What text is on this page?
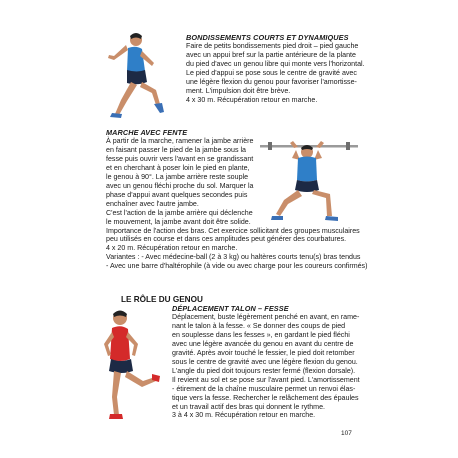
BONDISSEMENTS COURTS ET DYNAMIQUES
Faire de petits bondissements pied droit – pied gauche
avec un appui bref sur la partie antérieure de la plante
du pied d'avec un genou libre qui monte vers l'horizontal.
Le pied d'appui se pose sous le centre de gravité avec
une légère flexion du genou pour favoriser l'amortisse-
ment. L'impulsion doit être brève.
4 x 30 m. Récupération retour en marche.
MARCHE AVEC FENTE
À partir de la marche, ramener la jambe arrière
en faisant passer le pied de la jambe sous la
fesse puis ouvrir vers l'avant en se grandissant
et en cherchant à poser loin le pied en plante,
le genou à 90°. La jambe arrière reste souple
avec un genou fléchi proche du sol. Marquer la
phase d'appui avant quelques secondes puis
enchaîner avec l'autre jambe.
C'est l'action de la jambe arrière qui déclenche
le mouvement, la jambe avant doit être solide.
Importance de l'action des bras. Cet exercice sollicitant des groupes musculaires
peu utilisés en course et dans ces amplitudes peut générer des courbatures.
4 x 20 m. Récupération retour en marche.
Variantes : - Avec médecine-ball (2 à 3 kg) ou haltères courts tenu(s) bras tendus
- Avec une barre d'haltérophile (à vide ou avec charge pour les coureurs confirmés)
LE RÔLE DU GENOU
DÉPLACEMENT TALON – FESSE
Déplacement, buste légèrement penché en avant, en rame-
nant le talon à la fesse. « Se donner des coups de pied
en souplesse dans les fesses », en gardant le pied fléchi
avec une légère avancée du genou en avant du centre de
gravité. Après avoir touché le fessier, le pied doit retomber
sous le centre de gravité avec une légère flexion du genou.
L'angle du pied doit toujours rester fermé (flexion dorsale).
Il revient au sol et se pose sur l'avant pied. L'amortissement
- étirement de la chaîne musculaire permet un renvoi élas-
tique vers la fesse. Rechercher le relâchement des épaules
et un travail actif des bras qui donnent le rythme.
3 à 4 x 30 m. Récupération retour en marche.
107
